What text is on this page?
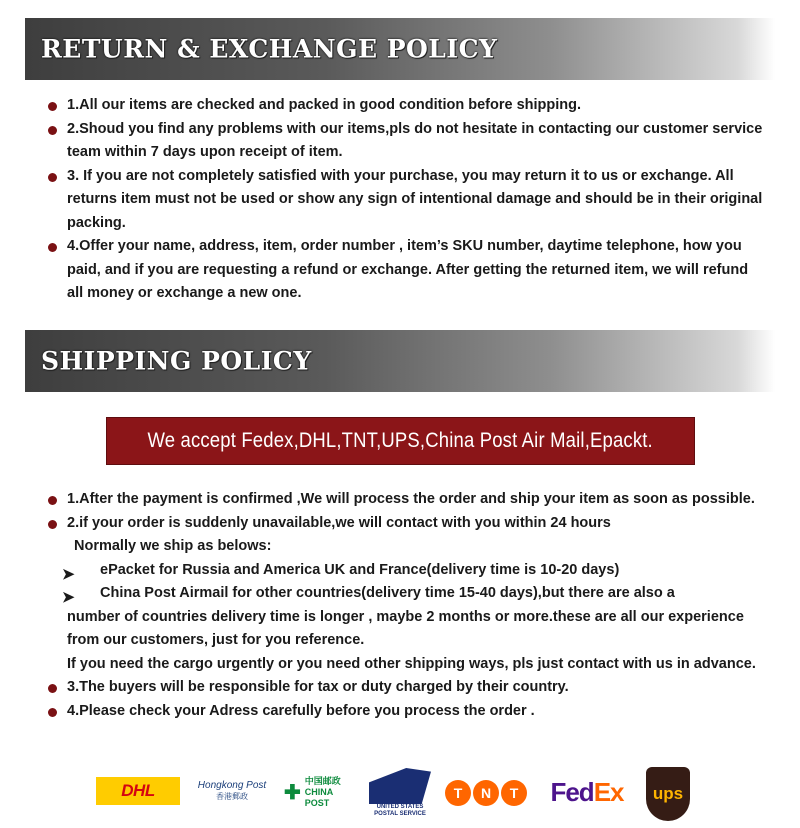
RETURN & EXCHANGE POLICY
1.All our items are checked and packed in good condition before shipping.
2.Shoud you find any problems with our items,pls do not hesitate in contacting our customer service team within 7 days upon receipt of item.
3. If you are not completely satisfied with your purchase, you may return it to us or exchange. All returns item must not be used or show any sign of intentional damage and should be in their original packing.
4.Offer your name, address, item, order number , item’s SKU number, daytime telephone, how you paid, and if you are requesting a refund or exchange. After getting the returned item, we will refund all money or exchange a new one.
SHIPPING POLICY
We accept Fedex,DHL,TNT,UPS,China Post Air Mail,Epackt.
1.After the payment is confirmed ,We will process the order and ship your item as soon as possible.
2.if your order is suddenly unavailable,we will contact with you within 24 hours
Normally we ship as belows:
➤ ePacket for Russia and America UK and France(delivery time is 10-20 days)
➤ China Post Airmail for other countries(delivery time 15-40 days),but there are also a
number of countries delivery time is longer , maybe 2 months or more.these are all our experience from our customers, just for you reference.
If you need the cargo urgently or you need other shipping ways, pls just contact with us in advance.
3.The buyers will be responsible for tax or duty charged by their country.
4.Please check your Adress carefully before you process the order .
DHL	Hongkong Post
香港郵政 ✚
中国邮政
CHINA POST	UNITED STATES
POSTAL SERVICE
T	N	T	Fed Ex ups
